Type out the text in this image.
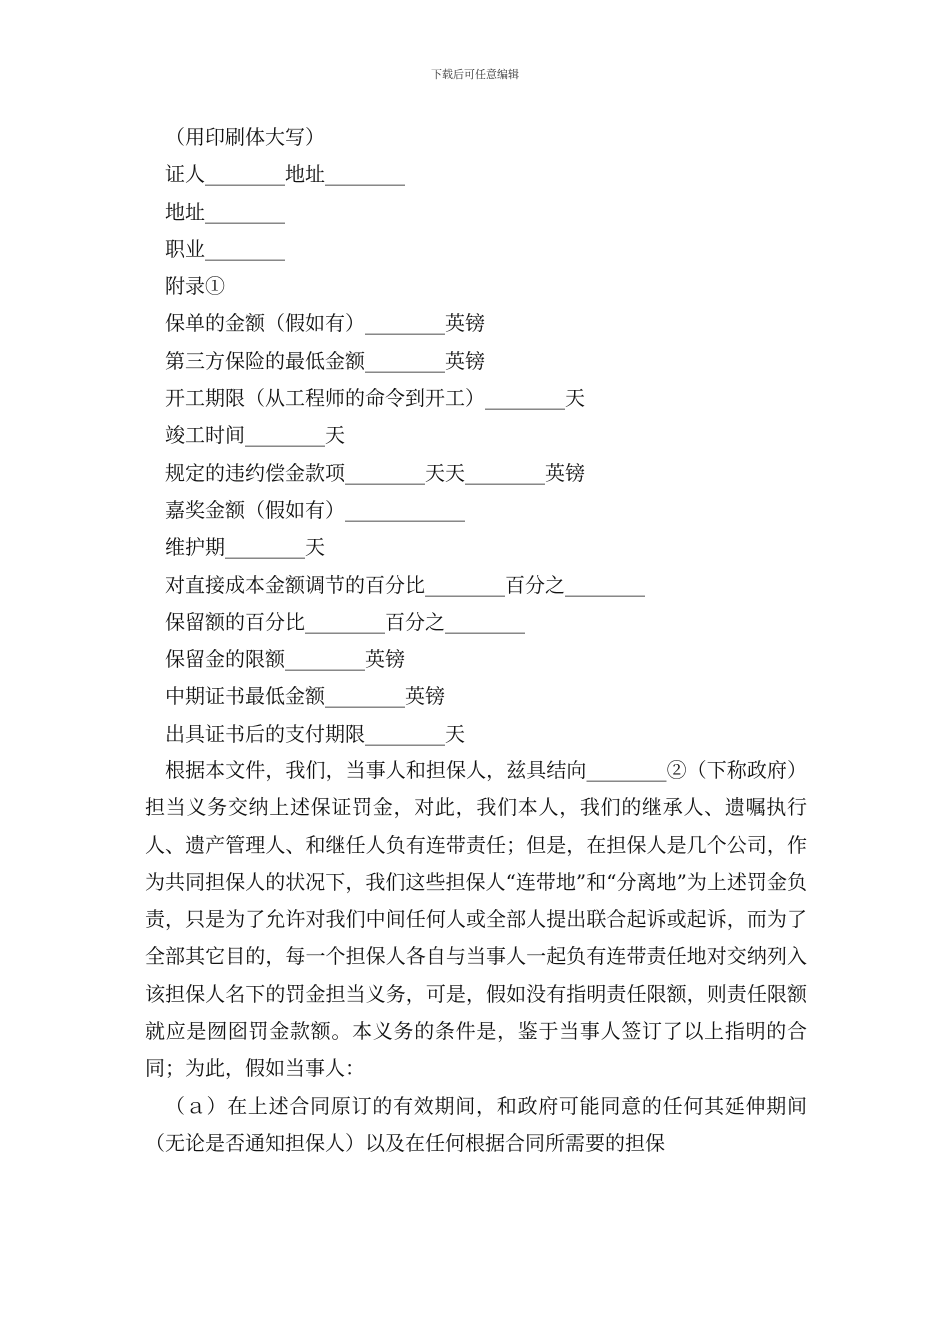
下载后可任意编辑
（用印刷体大写）
证人________地址________
地址________
职业________
附录①
保单的金额（假如有）________英镑
第三方保险的最低金额________英镑
开工期限（从工程师的命令到开工）________天
竣工时间________天
规定的违约偿金款项________天天________英镑
嘉奖金额（假如有）____________
维护期________天
对直接成本金额调节的百分比________百分之________
保留额的百分比________百分之________
保留金的限额________英镑
中期证书最低金额________英镑
出具证书后的支付期限________天

根据本文件，我们，当事人和担保人，兹具结向________②（下称政府）担当义务交纳上述保证罚金，对此，我们本人，我们的继承人、遗嘱执行人、遗产管理人、和继任人负有连带责任；但是，在担保人是几个公司，作为共同担保人的状况下，我们这些担保人“连带地”和“分离地”为上述罚金负责，只是为了允许对我们中间任何人或全部人提出联合起诉或起诉，而为了全部其它目的，每一个担保人各自与当事人一起负有连带责任地对交纳列入该担保人名下的罚金担当义务，可是，假如没有指明责任限额，则责任限额就应是囫囵罚金款额。本义务的条件是，鉴于当事人签订了以上指明的合同；为此，假如当事人：

（ａ）在上述合同原订的有效期间，和政府可能同意的任何其延伸期间（无论是否通知担保人）以及在任何根据合同所需要的担保
